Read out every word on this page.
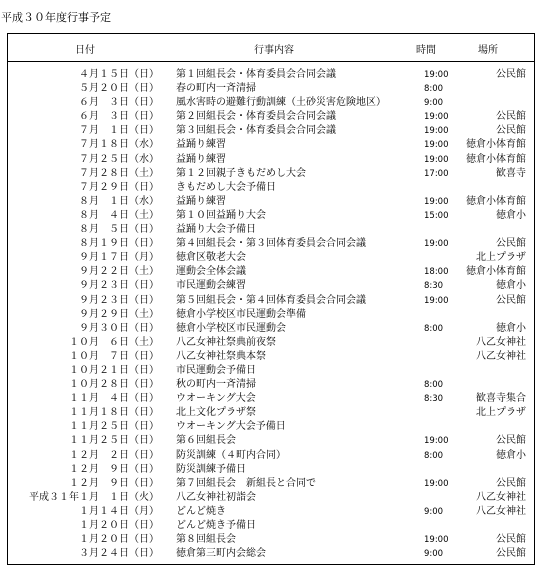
平成３０年度行事予定
日付	行事内容	時間	場所
４月１５日（日） 第１回組長会・体育委員会合同会議	19:00	公民館
５月２０日（日） 春の町内一斉清掃	8:00
６月　３日（日） 風水害時の避難行動訓練（土砂災害危険地区）	9:00
６月　３日（日） 第２回組長会・体育委員会合同会議	19:00	公民館
７月　１日（日） 第３回組長会・体育委員会合同会議	19:00	公民館
７月１８日（水） 益踊り練習	19:00 徳倉小体育館
７月２５日（水） 益踊り練習	19:00 徳倉小体育館
７月２８日（土） 第１２回親子きもだめし大会	17:00	歓喜寺
７月２９日（日） きもだめし大会予備日
８月　１日（水） 益踊り練習	19:00 徳倉小体育館
８月　４日（土） 第１０回益踊り大会	15:00	徳倉小
８月　５日（日） 益踊り大会予備日
８月１９日（日） 第４回組長会・第３回体育委員会合同会議	19:00	公民館
９月１７日（月） 徳倉区敬老大会	北上プラザ
９月２２日（土） 運動会全体会議	18:00 徳倉小体育館
９月２３日（日） 市民運動会練習	8:30	徳倉小
９月２３日（日） 第５回組長会・第４回体育委員会合同会議	19:00	公民館
９月２９日（土） 徳倉小学校区市民運動会準備
９月３０日（日） 徳倉小学校区市民運動会	8:00	徳倉小
１０月　６日（土） 八乙女神社祭典前夜祭	八乙女神社
１０月　７日（日） 八乙女神社祭典本祭	八乙女神社
１０月２１日（日） 市民運動会予備日
１０月２８日（日） 秋の町内一斉清掃	8:00
１１月　４日（日） ウオーキング大会	8:30	歓喜寺集合
１１月１８日（日） 北上文化プラザ祭	北上プラザ
１１月２５日（日） ウオーキング大会予備日
１１月２５日（日） 第６回組長会	19:00	公民館
１２月　２日（日） 防災訓練（４町内合同）	8:00	徳倉小
１２月　９日（日） 防災訓練予備日
１２月　９日（日） 第７回組長会　新組長と合同で	19:00	公民館
平成３１年１月　１日（火） 八乙女神社初詣会	八乙女神社
１月１４日（月） どんど焼き	9:00	八乙女神社
１月２０日（日） どんど焼き予備日
１月２０日（日） 第８回組長会	19:00	公民館
３月２４日（日） 徳倉第三町内会総会	9:00	公民館
